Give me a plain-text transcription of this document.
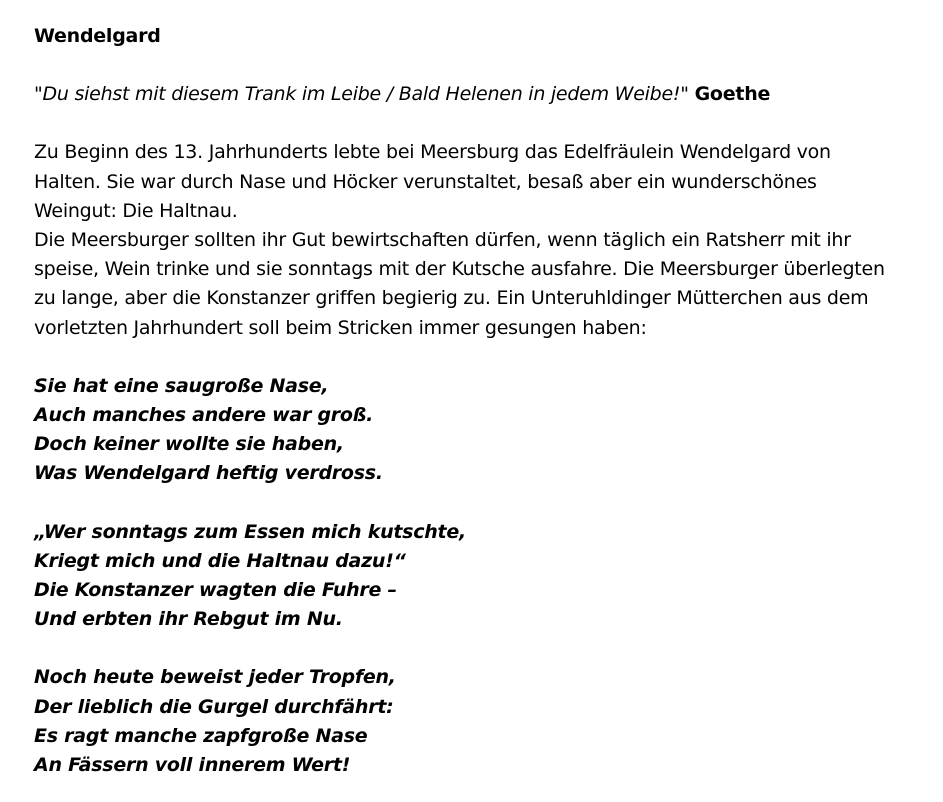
Wendelgard

"Du siehst mit diesem Trank im Leibe / Bald Helenen in jedem Weibe!" Goethe

Zu Beginn des 13. Jahrhunderts lebte bei Meersburg das Edelfräulein Wendelgard von
Halten. Sie war durch Nase und Höcker verunstaltet, besaß aber ein wunderschönes
Weingut: Die Haltnau.

Die Meersburger sollten ihr Gut bewirtschaften dürfen, wenn täglich ein Ratsherr mit ihr
speise, Wein trinke und sie sonntags mit der Kutsche ausfahre. Die Meersburger überlegten
zu lange, aber die Konstanzer griffen begierig zu. Ein Unteruhldinger Mütterchen aus dem
vorletzten Jahrhundert soll beim Stricken immer gesungen haben:

Sie hat eine saugroße Nase,
Auch manches andere war groß.
Doch keiner wollte sie haben,
Was Wendelgard heftig verdross.

„Wer sonntags zum Essen mich kutschte,
Kriegt mich und die Haltnau dazu!“
Die Konstanzer wagten die Fuhre –
Und erbten ihr Rebgut im Nu.

Noch heute beweist jeder Tropfen,
Der lieblich die Gurgel durchfährt:
Es ragt manche zapfgroße Nase
An Fässern voll innerem Wert!
